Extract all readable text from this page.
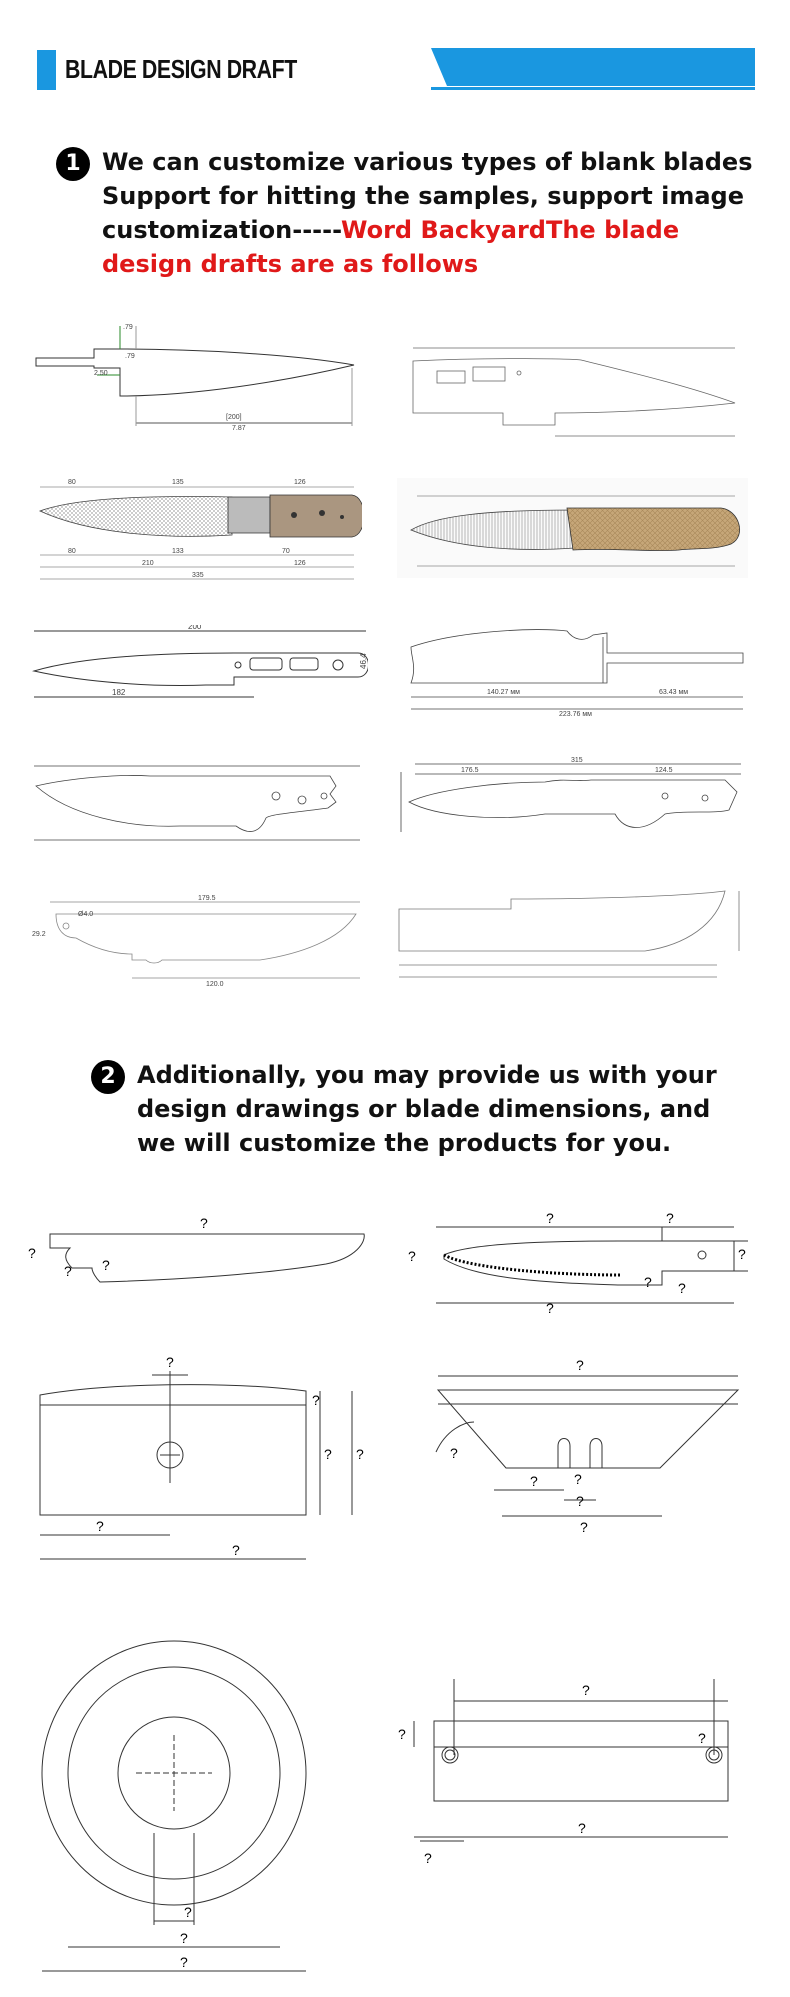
BLADE DESIGN DRAFT
1 We can customize various types of blank blades
Support for hitting the samples, support image
customization-----Word BackyardThe blade
design drafts are as follows
.79
.79
2.50
[200]
7.87
80	135	126
80	133	70
210	126
335
200
182
46.4
140.27 мм	63.43 мм
223.76 мм
315
176.5	124.5
179.5
Ø4.0
29.2
120.0
2 Additionally, you may provide us with your
design drawings or blade dimensions, and
we will customize the products for you.
?
?
? ?
?	?
?	?
? ?
?
?
?
? ?
?
?
?
?
?	?
?
?
?
?
?
?
?	?
?
?
